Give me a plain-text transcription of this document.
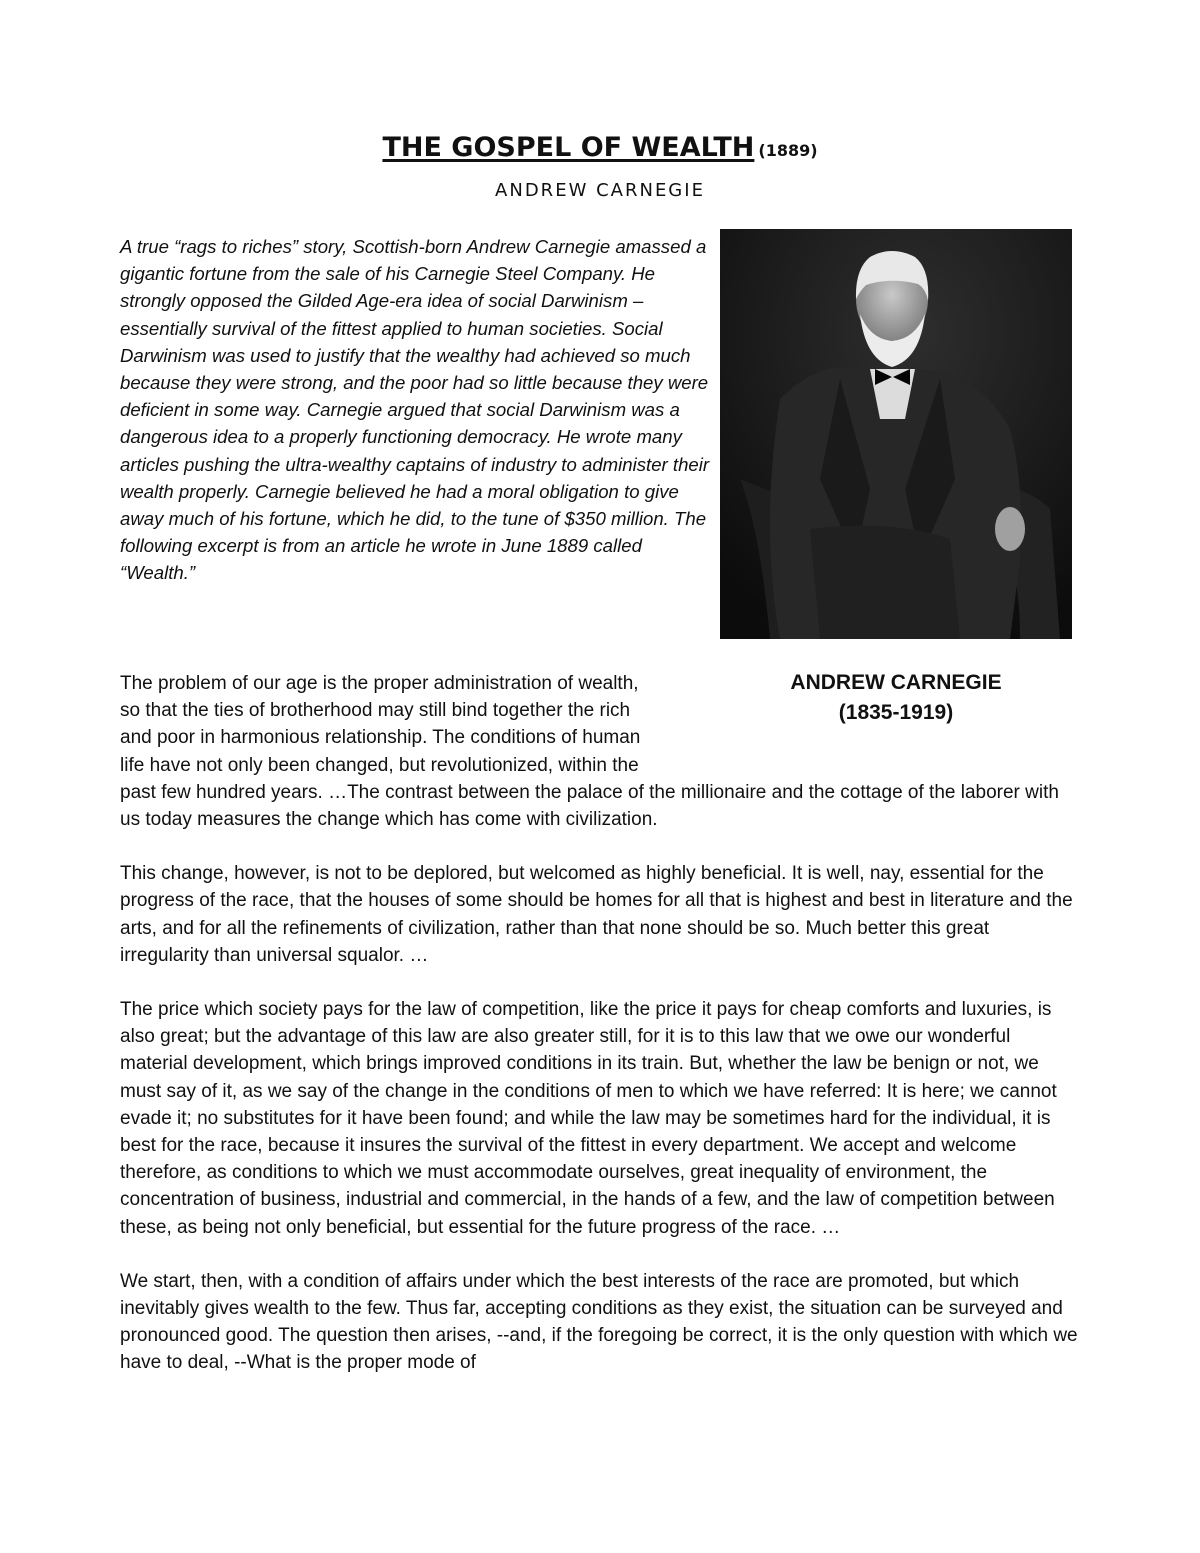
THE GOSPEL OF WEALTH (1889)
ANDREW CARNEGIE

A true “rags to riches” story, Scottish-born Andrew Carnegie amassed a gigantic fortune from the sale of his Carnegie Steel Company. He strongly opposed the Gilded Age-era idea of social Darwinism – essentially survival of the fittest applied to human societies. Social Darwinism was used to justify that the wealthy had achieved so much because they were strong, and the poor had so little because they were deficient in some way. Carnegie argued that social Darwinism was a dangerous idea to a properly functioning democracy. He wrote many articles pushing the ultra-wealthy captains of industry to administer their wealth properly. Carnegie believed he had a moral obligation to give away much of his fortune, which he did, to the tune of $350 million. The following excerpt is from an article he wrote in June 1889 called “Wealth.”

ANDREW CARNEGIE
(1835-1919)

The problem of our age is the proper administration of wealth, so that the ties of brotherhood may still bind together the rich and poor in harmonious relationship. The conditions of human life have not only been changed, but revolutionized, within the past few hundred years. …The contrast between the palace of the millionaire and the cottage of the laborer with us today measures the change which has come with civilization.

This change, however, is not to be deplored, but welcomed as highly beneficial. It is well, nay, essential for the progress of the race, that the houses of some should be homes for all that is highest and best in literature and the arts, and for all the refinements of civilization, rather than that none should be so. Much better this great irregularity than universal squalor. …

The price which society pays for the law of competition, like the price it pays for cheap comforts and luxuries, is also great; but the advantage of this law are also greater still, for it is to this law that we owe our wonderful material development, which brings improved conditions in its train. But, whether the law be benign or not, we must say of it, as we say of the change in the conditions of men to which we have referred: It is here; we cannot evade it; no substitutes for it have been found; and while the law may be sometimes hard for the individual, it is best for the race, because it insures the survival of the fittest in every department. We accept and welcome therefore, as conditions to which we must accommodate ourselves, great inequality of environment, the concentration of business, industrial and commercial, in the hands of a few, and the law of competition between these, as being not only beneficial, but essential for the future progress of the race. …

We start, then, with a condition of affairs under which the best interests of the race are promoted, but which inevitably gives wealth to the few. Thus far, accepting conditions as they exist, the situation can be surveyed and pronounced good. The question then arises, --and, if the foregoing be correct, it is the only question with which we have to deal, --What is the proper mode of
